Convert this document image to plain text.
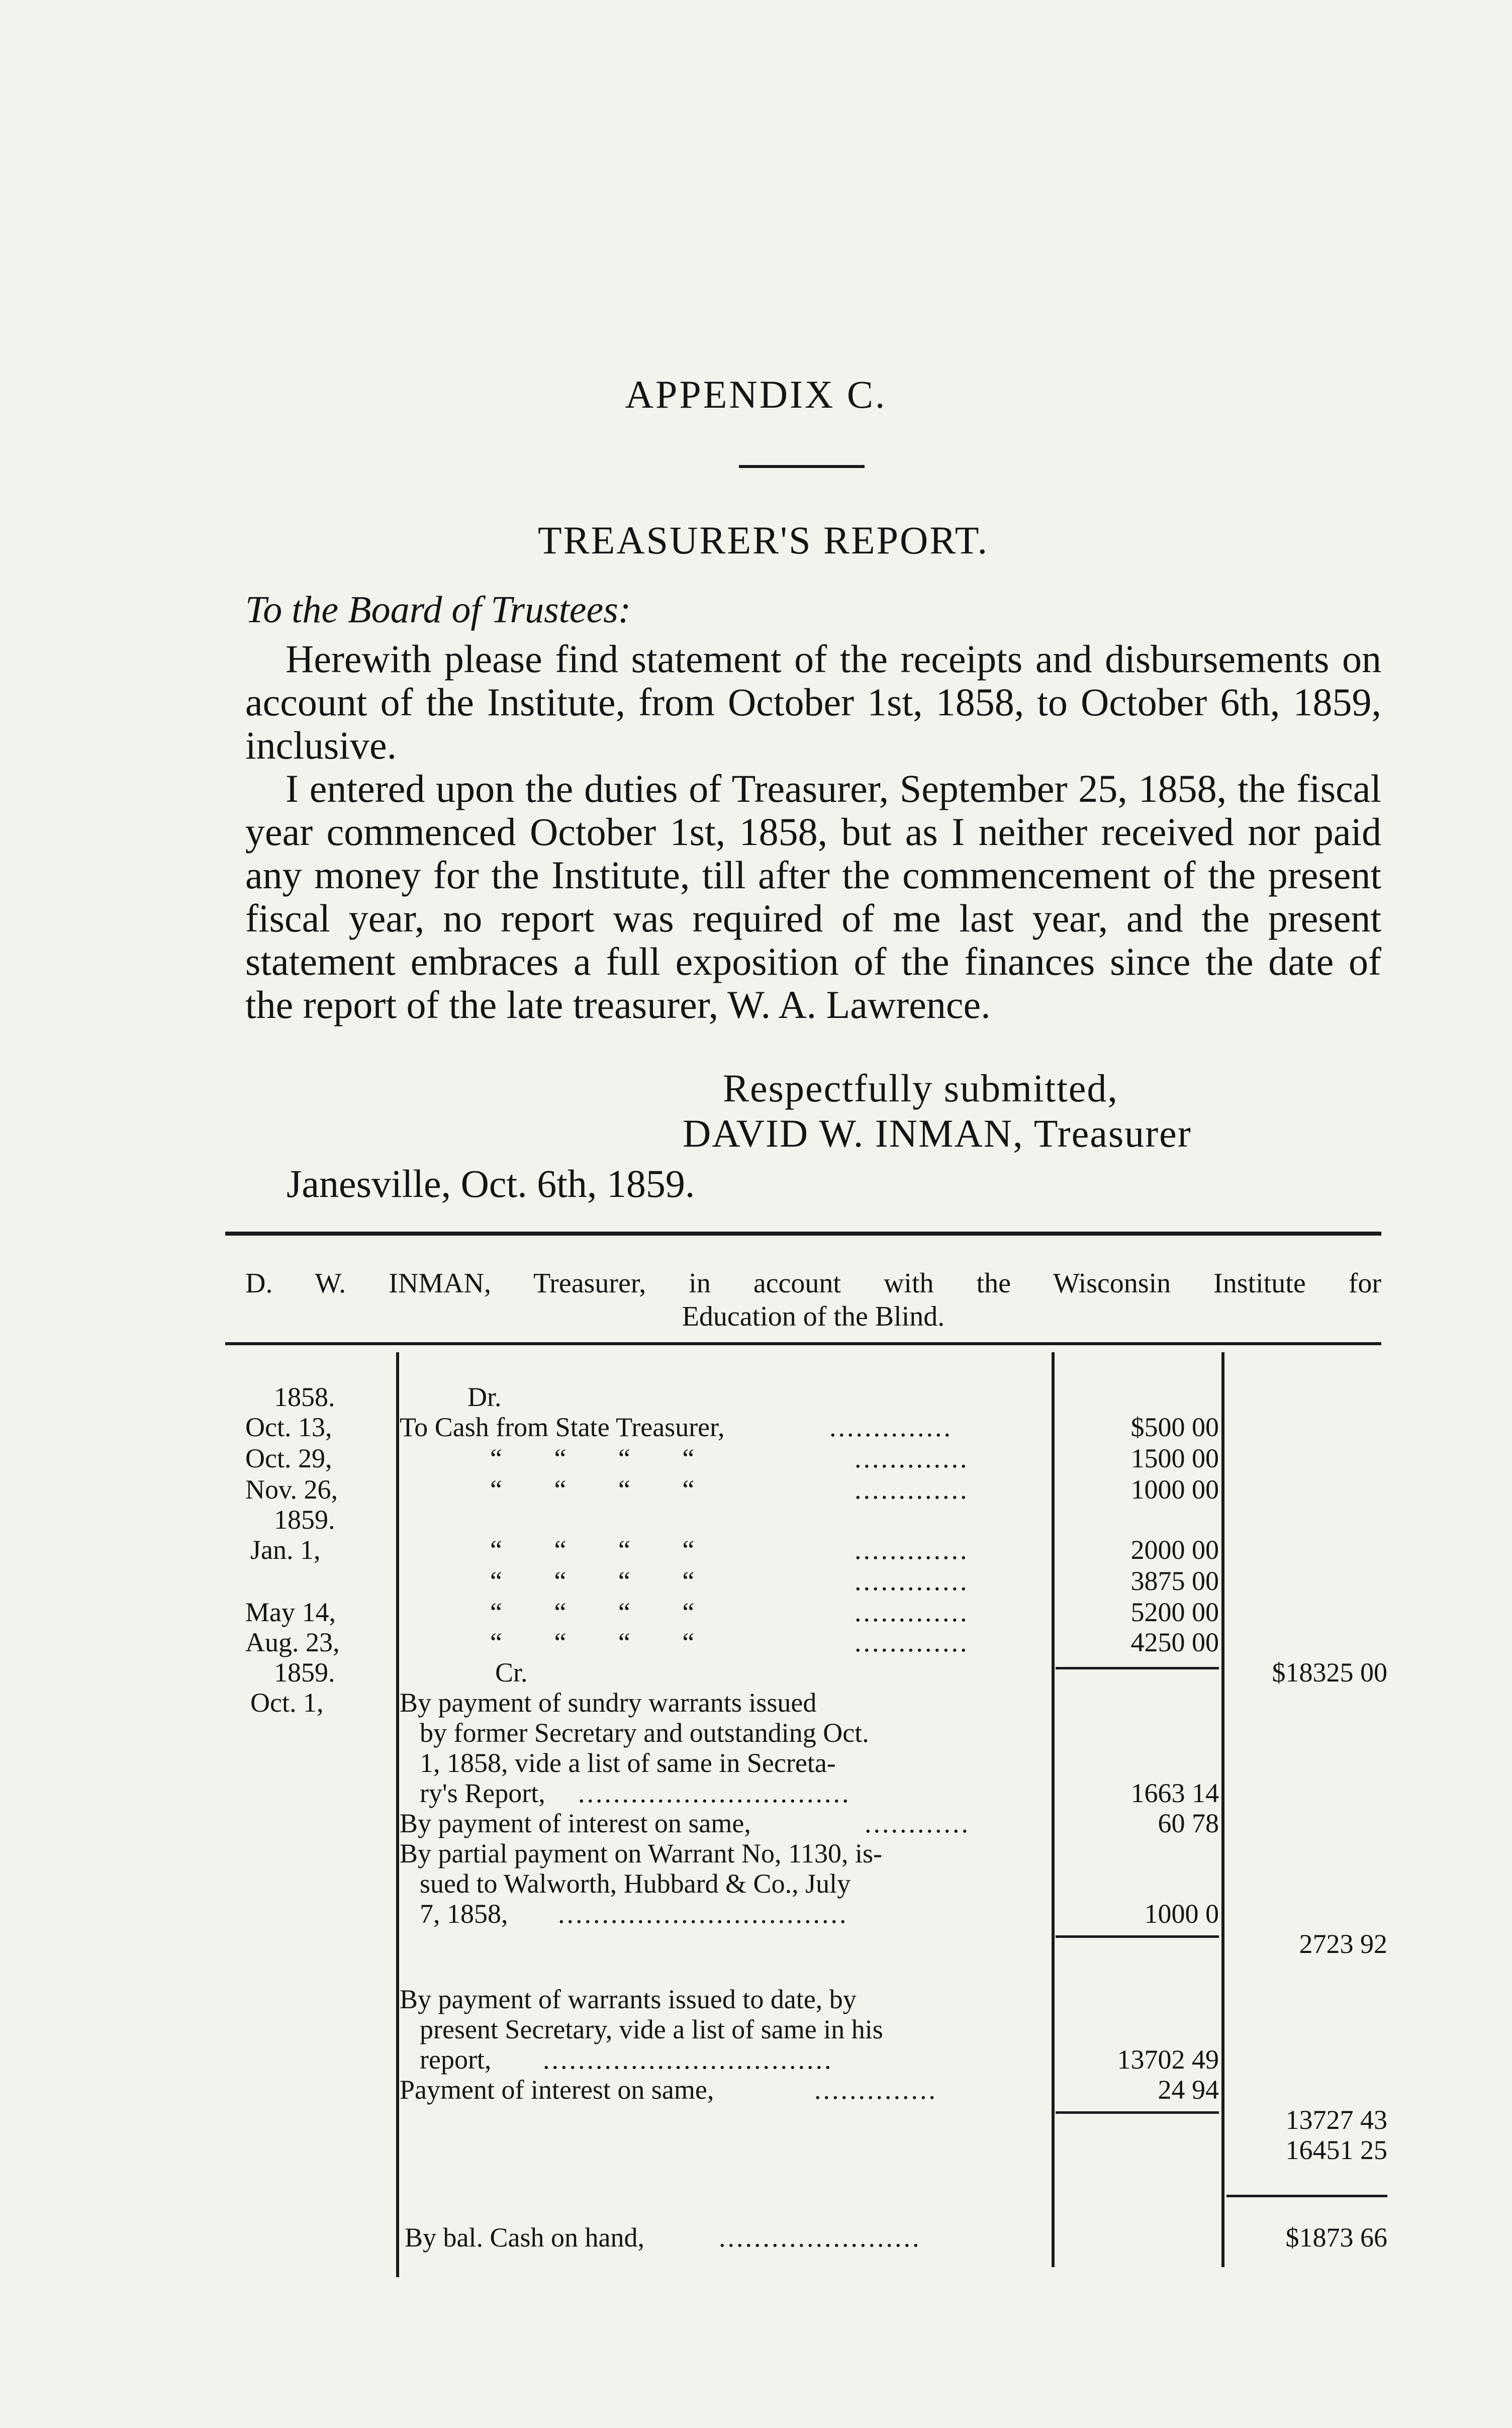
APPENDIX C.
TREASURER'S REPORT.
To the Board of Trustees:
Herewith please find statement of the receipts and disbursements on account of the Institute, from October 1st, 1858, to October 6th, 1859, inclusive.
I entered upon the duties of Treasurer, September 25, 1858, the fiscal year commenced October 1st, 1858, but as I neither received nor paid any money for the Institute, till after the commencement of the present fiscal year, no report was required of me last year, and the present statement embraces a full exposition of the finances since the date of the report of the late treasurer, W. A. Lawrence.
Respectfully submitted,
DAVID W. INMAN, Treasurer
Janesville, Oct. 6th, 1859.
D. W. INMAN, Treasurer, in account with the Wisconsin Institute for
Education of the Blind.
1858.	Dr.
Oct. 13, To Cash from State Treasurer,	..............	$500 00
Oct. 29,	“ “ “ “	.............	1500 00
Nov. 26,	“ “ “ “	.............	1000 00
1859.
Jan. 1,	“ “ “ “	.............	2000 00
“ “ “ “	.............	3875 00
May 14,	“ “ “ “	.............	5200 00
Aug. 23,	“ “ “ “	.............	4250 00
1859.	Cr.	$18325 00
Oct. 1,	By payment of sundry warrants issued
by former Secretary and outstanding Oct.
1, 1858, vide a list of same in Secreta-
ry's Report, ...............................	1663 14
By payment of interest on same,	............	60 78
By partial payment on Warrant No, 1130, is-
sued to Walworth, Hubbard & Co., July
7, 1858, .................................	1000 0
2723 92
By payment of warrants issued to date, by
present Secretary, vide a list of same in his
report, .................................	13702 49
Payment of interest on same,	..............	24 94
13727 43
16451 25
By bal. Cash on hand,	.......................	$1873 66
